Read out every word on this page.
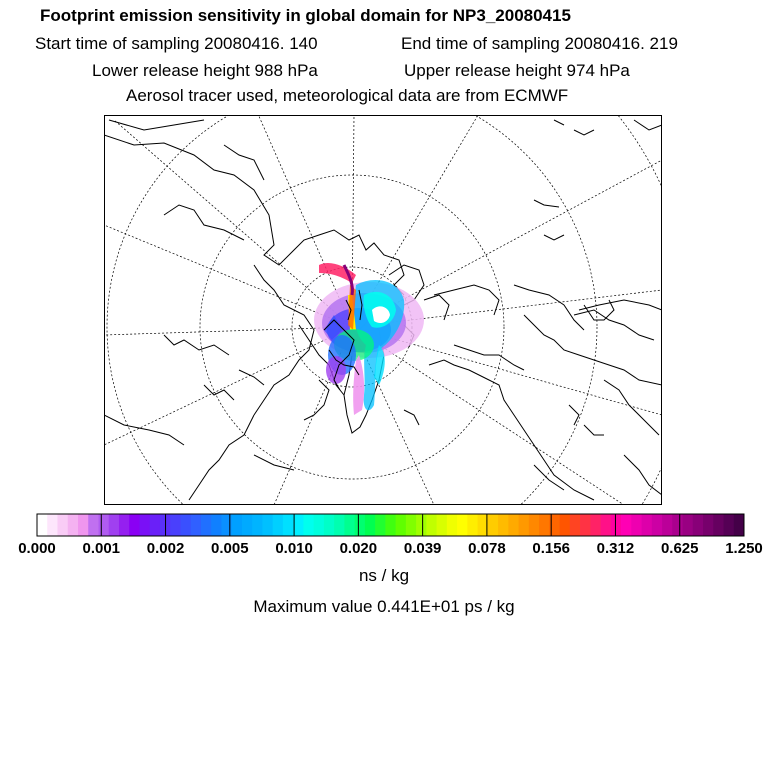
Footprint emission sensitivity in global domain for NP3_20080415
Start time of sampling 20080416. 140	End time of sampling 20080416. 219
Lower release height 988 hPa	Upper release height 974 hPa
Aerosol tracer used, meteorological data are from ECMWF
0.000 0.001 0.002 0.005 0.010 0.020 0.039 0.078 0.156 0.312 0.625 1.250
ns / kg
Maximum value 0.441E+01 ps / kg
